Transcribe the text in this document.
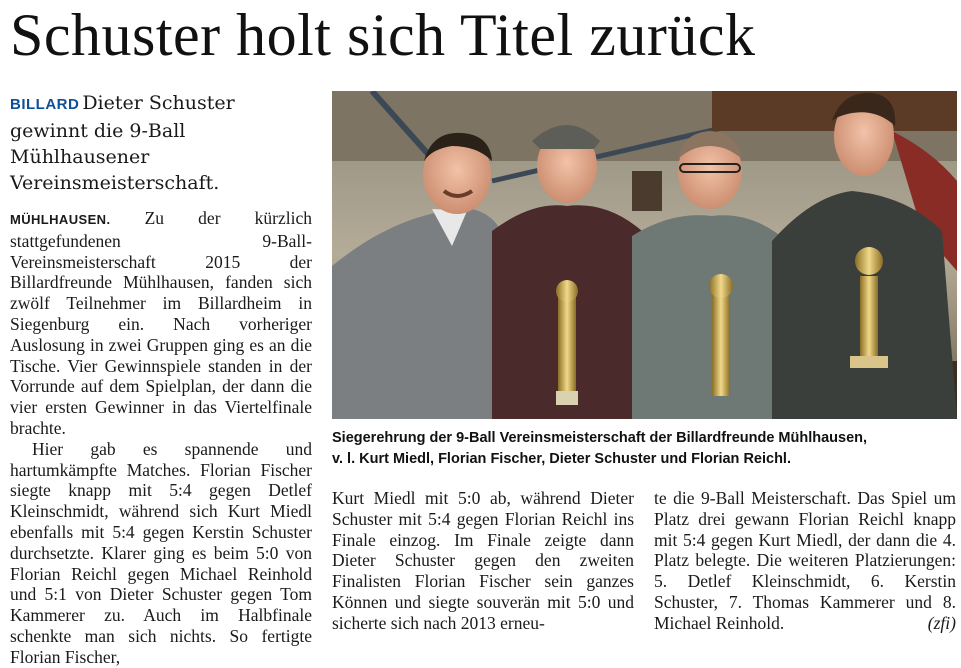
Schuster holt sich Titel zurück
BILLARD Dieter Schuster gewinnt die 9-Ball Mühlhausener Vereinsmeisterschaft.

MÜHLHAUSEN. Zu der kürzlich stattgefundenen 9-Ball-Vereinsmeisterschaft 2015 der Billardfreunde Mühlhausen, fanden sich zwölf Teilnehmer im Billardheim in Siegenburg ein. Nach vorheriger Auslosung in zwei Gruppen ging es an die Tische. Vier Gewinnspiele standen in der Vorrunde auf dem Spielplan, der dann die vier ersten Gewinner in das Viertelfinale brachte.

Hier gab es spannende und hartumkämpfte Matches. Florian Fischer siegte knapp mit 5:4 gegen Detlef Kleinschmidt, während sich Kurt Miedl ebenfalls mit 5:4 gegen Kerstin Schuster durchsetzte. Klarer ging es beim 5:0 von Florian Reichl gegen Michael Reinhold und 5:1 von Dieter Schuster gegen Tom Kammerer zu. Auch im Halbfinale schenkte man sich nichts. So fertigte Florian Fischer,

Siegerehrung der 9-Ball Vereinsmeisterschaft der Billardfreunde Mühlhausen,

v. l. Kurt Miedl, Florian Fischer, Dieter Schuster und Florian Reichl.

Kurt Miedl mit 5:0 ab, während Dieter Schuster mit 5:4 gegen Florian Reichl ins Finale einzog. Im Finale zeigte dann Dieter Schuster gegen den zweiten Finalisten Florian Fischer sein ganzes Können und siegte souverän mit 5:0 und sicherte sich nach 2013 erneu-

te die 9-Ball Meisterschaft. Das Spiel um Platz drei gewann Florian Reichl knapp mit 5:4 gegen Kurt Miedl, der dann die 4. Platz belegte. Die weiteren Platzierungen: 5. Detlef Kleinschmidt, 6. Kerstin Schuster, 7. Thomas Kammerer und 8. Michael Reinhold.	(zfi)
